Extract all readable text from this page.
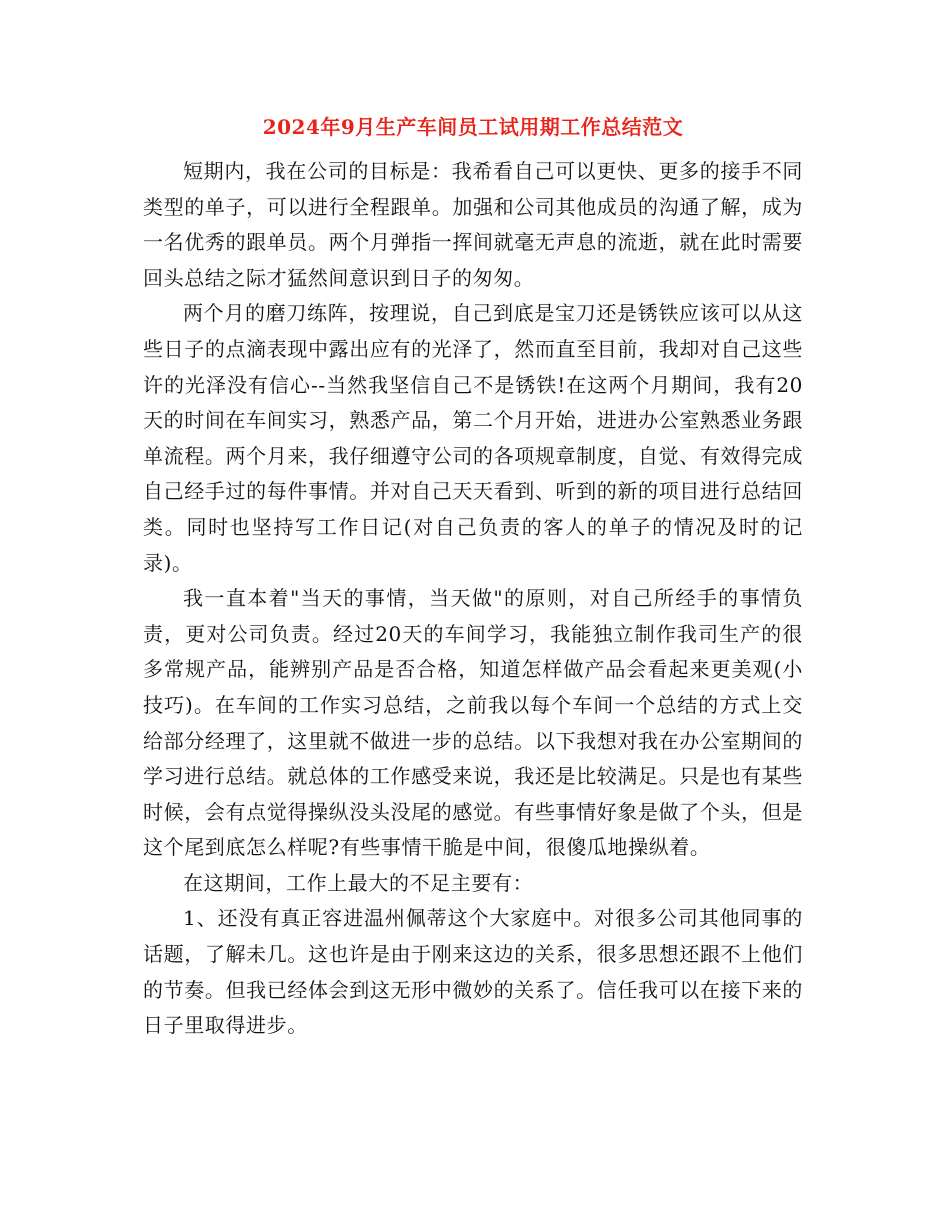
2024年9月生产车间员工试用期工作总结范文

短期内，我在公司的目标是：我希看自己可以更快、更多的接手不同类型的单子，可以进行全程跟单。加强和公司其他成员的沟通了解，成为一名优秀的跟单员。两个月弹指一挥间就毫无声息的流逝，就在此时需要回头总结之际才猛然间意识到日子的匆匆。

两个月的磨刀练阵，按理说，自己到底是宝刀还是锈铁应该可以从这些日子的点滴表现中露出应有的光泽了，然而直至目前，我却对自己这些许的光泽没有信心--当然我坚信自己不是锈铁!在这两个月期间，我有20天的时间在车间实习，熟悉产品，第二个月开始，进进办公室熟悉业务跟单流程。两个月来，我仔细遵守公司的各项规章制度，自觉、有效得完成自己经手过的每件事情。并对自己天天看到、听到的新的项目进行总结回类。同时也坚持写工作日记(对自己负责的客人的单子的情况及时的记录)。

我一直本着"当天的事情，当天做"的原则，对自己所经手的事情负责，更对公司负责。经过20天的车间学习，我能独立制作我司生产的很多常规产品，能辨别产品是否合格，知道怎样做产品会看起来更美观(小技巧)。在车间的工作实习总结，之前我以每个车间一个总结的方式上交给部分经理了，这里就不做进一步的总结。以下我想对我在办公室期间的学习进行总结。就总体的工作感受来说，我还是比较满足。只是也有某些时候，会有点觉得操纵没头没尾的感觉。有些事情好象是做了个头，但是这个尾到底怎么样呢?有些事情干脆是中间，很傻瓜地操纵着。

在这期间，工作上最大的不足主要有：

1、还没有真正容进温州佩蒂这个大家庭中。对很多公司其他同事的话题，了解未几。这也许是由于刚来这边的关系，很多思想还跟不上他们的节奏。但我已经体会到这无形中微妙的关系了。信任我可以在接下来的日子里取得进步。
